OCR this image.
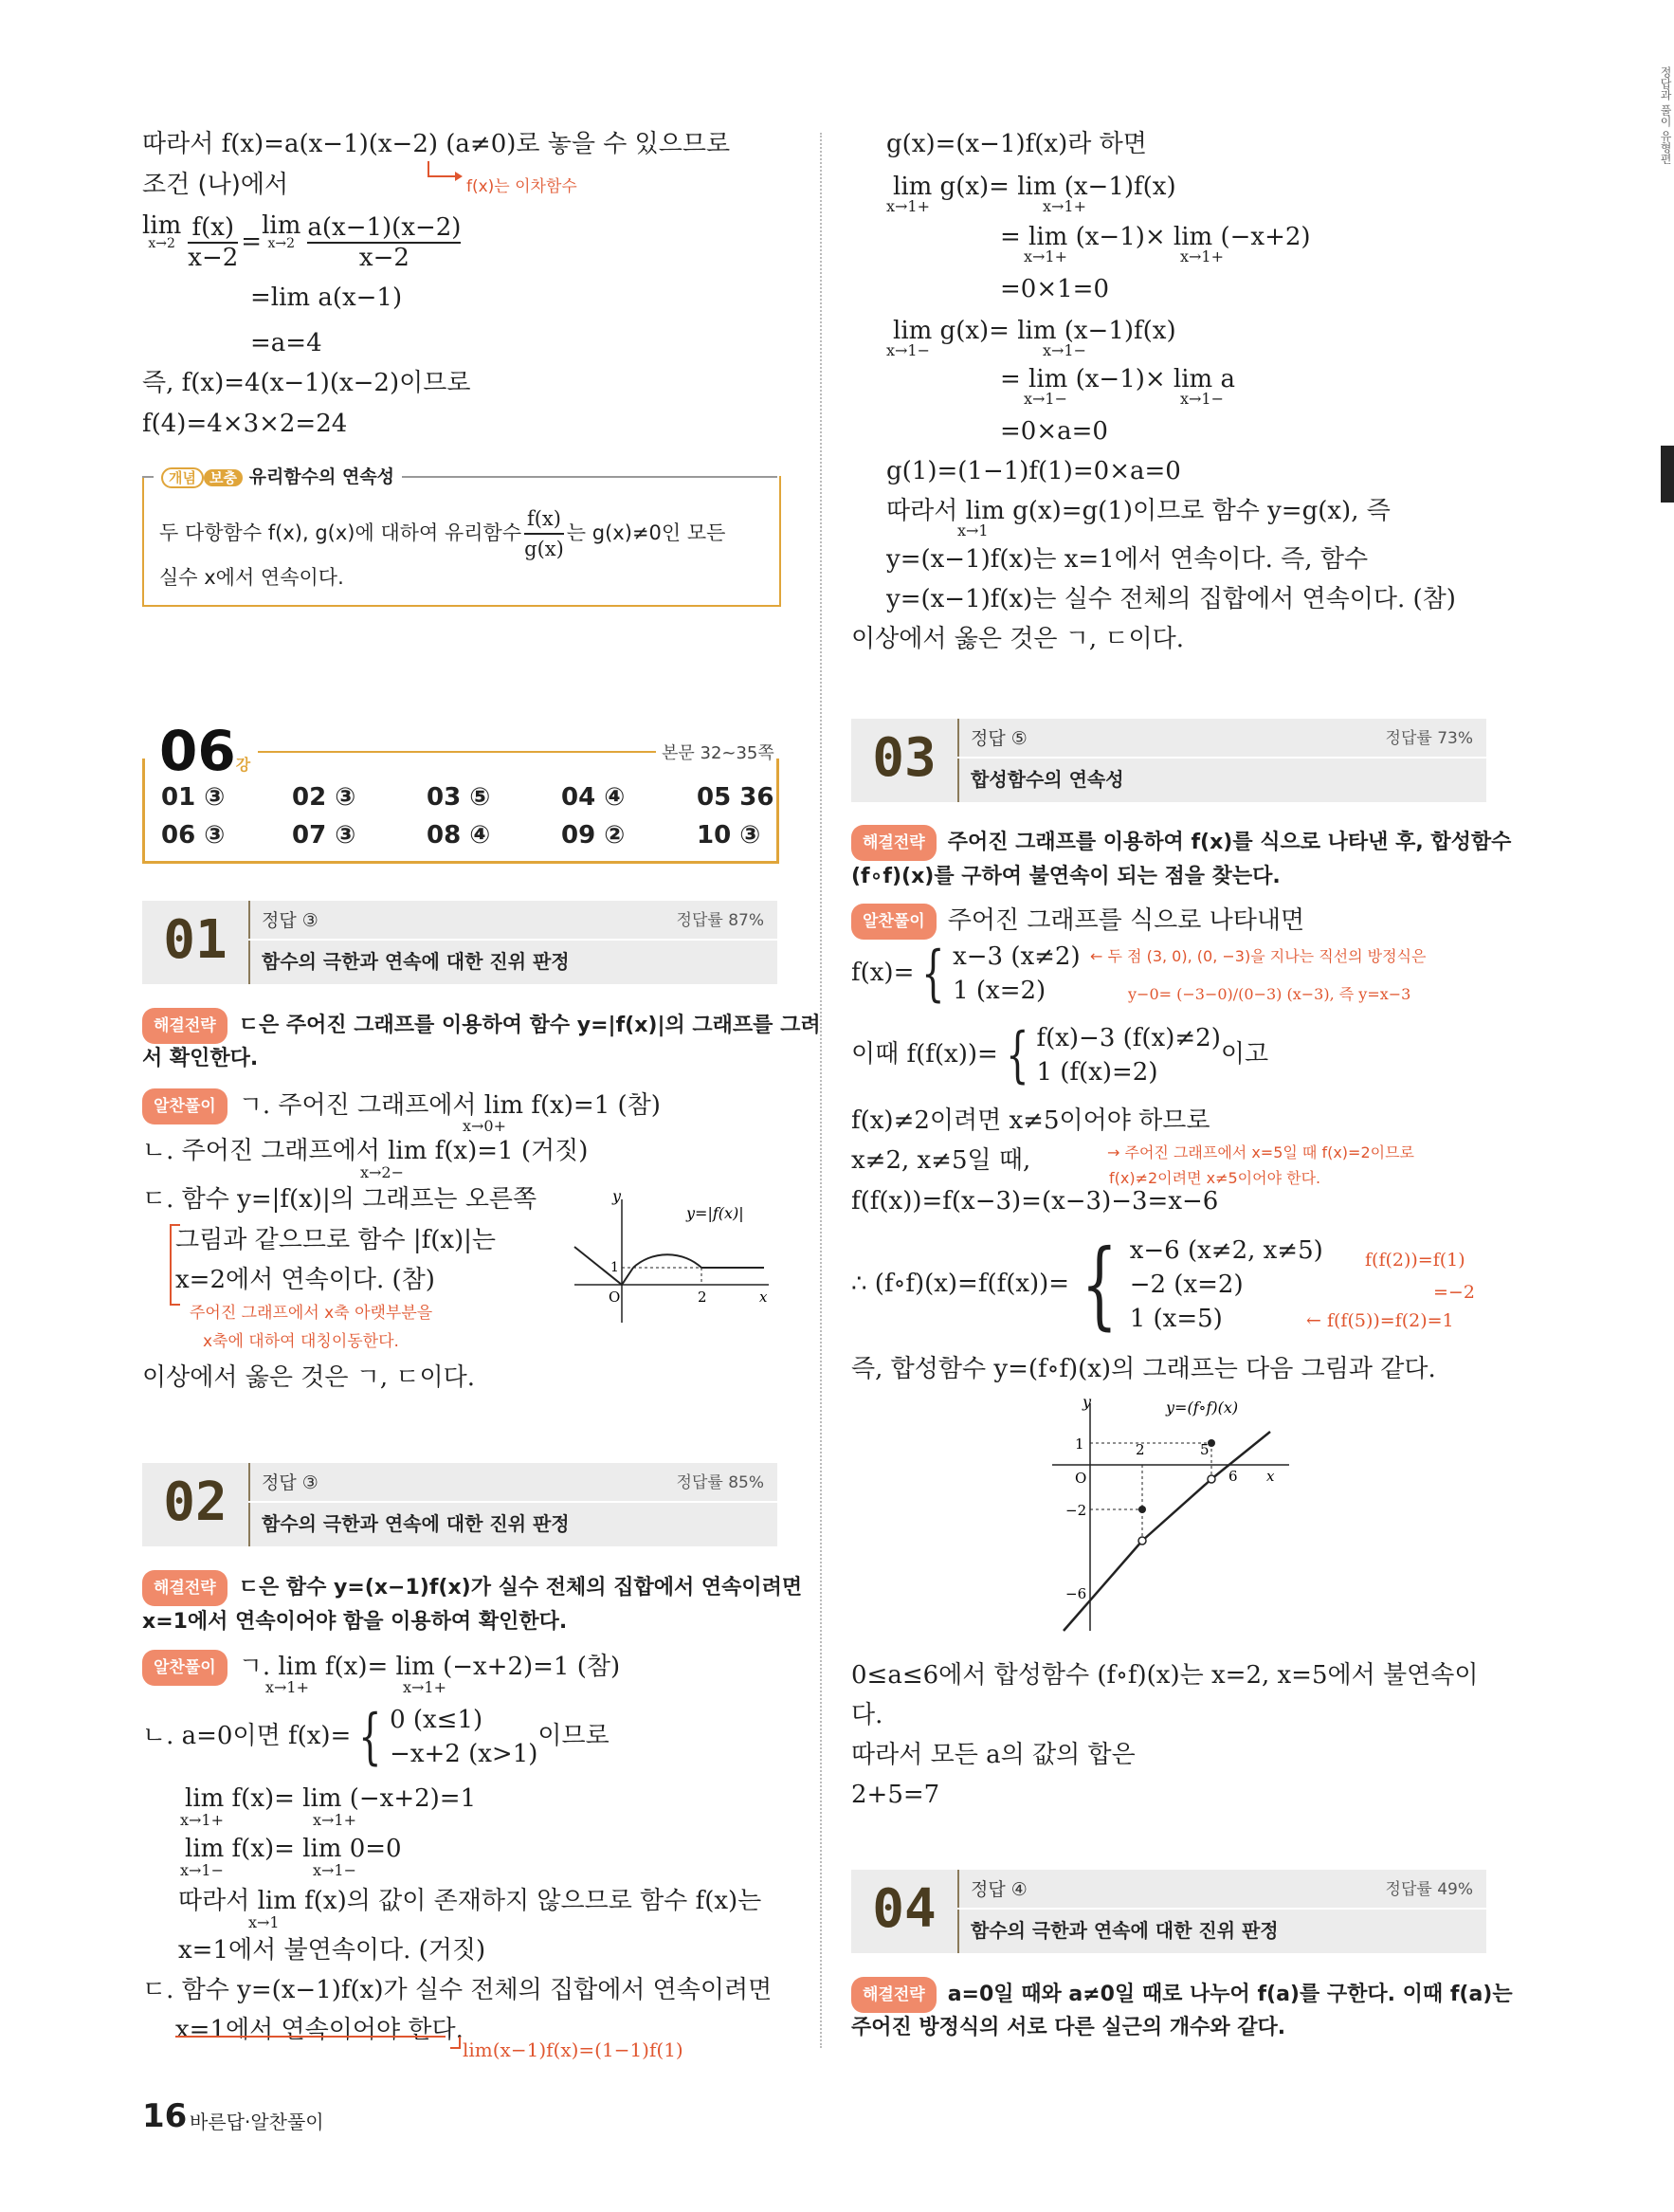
따라서 f(x)=a(x−1)(x−2) (a≠0)로 놓을 수 있으므로
조건 (나)에서	f(x)는 이차함수
lim
$x\to 2 \frac{f(x)}{x-2} =\lim$
$x\to 2 \frac{a(x-1)(x-2)}{x-2}$
=lim a(x−1)
=a=4
즉, f(x)=4(x−1)(x−2)이므로
f(4)=4×3×2=24
개념 보충 유리함수의 연속성
두 다항함수 f(x), g(x)에 대하여 유리함수 $\frac{f(x)}{g(x)}$ 는 g(x)≠0인 모든
실수 x에서 연속이다.
06강
본문 32~35쪽
01 ③	02 ③	03 ⑤	04 ④	05 36
06 ③	07 ③	08 ④	09 ②	10 ③
01	정답 ③	정답률 87%
함수의 극한과 연속에 대한 진위 판정
해결전략 ㄷ은 주어진 그래프를 이용하여 함수 y=|f(x)|의 그래프를 그려
서 확인한다.
알찬풀이 ㄱ. 주어진 그래프에서 lim f(x)=1 (참)
x→0+
ㄴ. 주어진 그래프에서 lim f(x)=1 (거짓)
x→2−
ㄷ. 함수 y=|f(x)|의 그래프는 오른쪽
그림과 같으므로 함수 |f(x)|는
x=2에서 연속이다. (참)
주어진 그래프에서 x축 아랫부분을
x축에 대하여 대칭이동한다.
y
y=|f(x)|
1
O	2	x
이상에서 옳은 것은 ㄱ, ㄷ이다.
02	정답 ③	정답률 85%
함수의 극한과 연속에 대한 진위 판정
해결전략 ㄷ은 함수 y=(x−1)f(x)가 실수 전체의 집합에서 연속이려면
x=1에서 연속이어야 함을 이용하여 확인한다.
알찬풀이 ㄱ. lim f(x)= lim (−x+2)=1 (참)
x→1+	x→1+
ㄴ. a=0이면 f(x)= { 0 (x≤1)
−x+2 (x>1)
이므로
lim f(x)= lim (−x+2)=1
x→1+	x→1+
lim f(x)= lim 0=0
x→1−	x→1−
따라서 lim f(x)의 값이 존재하지 않으므로 함수 f(x)는
x→1
x=1에서 불연속이다. (거짓)
ㄷ. 함수 y=(x−1)f(x)가 실수 전체의 집합에서 연속이려면
x=1에서 연속이어야 한다.
lim(x−1)f(x)=(1−1)f(1)
16 바른답·알찬풀이
g(x)=(x−1)f(x)라 하면
lim g(x)= lim (x−1)f(x)
x→1+	x→1+
= lim (x−1)× lim (−x+2)
x→1+	x→1+
=0×1=0
lim g(x)= lim (x−1)f(x)
x→1−	x→1−
= lim (x−1)× lim a
x→1−	x→1−
=0×a=0
g(1)=(1−1)f(1)=0×a=0
따라서 lim g(x)=g(1)이므로 함수 y=g(x), 즉
x→1
y=(x−1)f(x)는 x=1에서 연속이다. 즉, 함수
y=(x−1)f(x)는 실수 전체의 집합에서 연속이다. (참)
이상에서 옳은 것은 ㄱ, ㄷ이다.
03	정답 ⑤	정답률 73%
합성함수의 연속성
해결전략 주어진 그래프를 이용하여 f(x)를 식으로 나타낸 후, 합성함수
(f∘f)(x)를 구하여 불연속이 되는 점을 찾는다.
알찬풀이 주어진 그래프를 식으로 나타내면
f(x)= { x−3 (x≠2)
1 (x=2)
← 두 점 (3, 0), (0, −3)을 지나는 직선의 방정식은
y−0= (−3−0)/(0−3) (x−3), 즉 y=x−3
이때 f(f(x))= { f(x)−3 (f(x)≠2)
1 (f(x)=2)
이고
f(x)≠2이려면 x≠5이어야 하므로
x≠2, x≠5일 때,	→ 주어진 그래프에서 x=5일 때 f(x)=2이므로
f(x)≠2이려면 x≠5이어야 한다.
f(f(x))=f(x−3)=(x−3)−3=x−6
∴ (f∘f)(x)=f(f(x))= { x−6 (x≠2, x≠5)
−2 (x=2)
1 (x=5)
f(f(2))=f(1)
=−2
← f(f(5))=f(2)=1
즉, 합성함수 y=(f∘f)(x)의 그래프는 다음 그림과 같다.
y	y=(f∘f)(x)
1	2	5
6
O
−2
−6
x
0≤a≤6에서 합성함수 (f∘f)(x)는 x=2, x=5에서 불연속이
다.
따라서 모든 a의 값의 합은
2+5=7
04	정답 ④	정답률 49%
함수의 극한과 연속에 대한 진위 판정
해결전략 a=0일 때와 a≠0일 때로 나누어 f(a)를 구한다. 이때 f(a)는
주어진 방정식의 서로 다른 실근의 개수와 같다.
정답과 풀이 유형편
